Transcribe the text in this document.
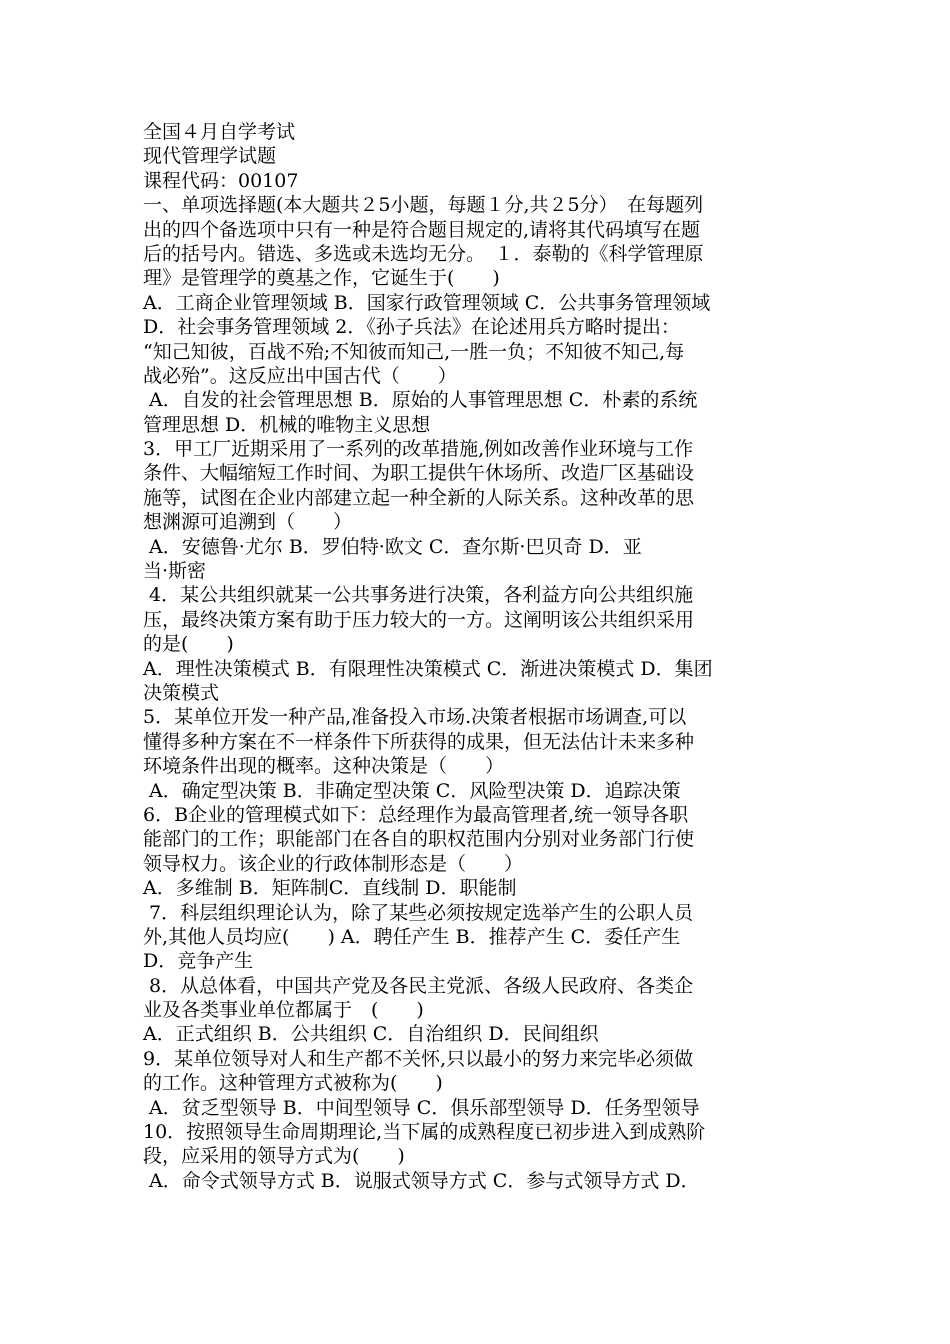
全国４月自学考试
现代管理学试题
课程代码：00107
一、单项选择题(本大题共２5小题，每题１分,共２5分）　在每题列
出的四个备选项中只有一种是符合题目规定的,请将其代码填写在题
后的括号内。错选、多选或未选均无分。　１．泰勒的《科学管理原
理》是管理学的奠基之作，它诞生于(　　)
A．工商企业管理领域 B．国家行政管理领域 C．公共事务管理领域
D．社会事务管理领域 2．《孙子兵法》在论述用兵方略时提出：
“知己知彼，百战不殆;不知彼而知己,一胜一负；不知彼不知己,每
战必殆”。这反应出中国古代（　　）
A．自发的社会管理思想 B．原始的人事管理思想 C．朴素的系统
管理思想 D．机械的唯物主义思想
3．甲工厂近期采用了一系列的改革措施,例如改善作业环境与工作
条件、大幅缩短工作时间、为职工提供午休场所、改造厂区基础设
施等，试图在企业内部建立起一种全新的人际关系。这种改革的思
想渊源可追溯到（　　）
A．安德鲁·尤尔 B．罗伯特·欧文 C．查尔斯·巴贝奇 D．亚
当·斯密
4．某公共组织就某一公共事务进行决策，各利益方向公共组织施
压，最终决策方案有助于压力较大的一方。这阐明该公共组织采用
的是(　　)
A．理性决策模式 B．有限理性决策模式 C．渐进决策模式 D．集团
决策模式
5．某单位开发一种产品,准备投入市场.决策者根据市场调查,可以
懂得多种方案在不一样条件下所获得的成果，但无法估计未来多种
环境条件出现的概率。这种决策是（　　）
A．确定型决策 B．非确定型决策 C．风险型决策 D．追踪决策
6．B企业的管理模式如下：总经理作为最高管理者,统一领导各职
能部门的工作；职能部门在各自的职权范围内分别对业务部门行使
领导权力。该企业的行政体制形态是（　　）
A．多维制 B．矩阵制C．直线制 D．职能制
7．科层组织理论认为，除了某些必须按规定选举产生的公职人员
外,其他人员均应(　　) A．聘任产生 B．推荐产生 C．委任产生
D．竞争产生
8．从总体看，中国共产党及各民主党派、各级人民政府、各类企
业及各类事业单位都属于　(　　)
A．正式组织 B．公共组织 C．自治组织 D．民间组织
9．某单位领导对人和生产都不关怀,只以最小的努力来完毕必须做
的工作。这种管理方式被称为(　　)
A．贫乏型领导 B．中间型领导 C．俱乐部型领导 D．任务型领导
10．按照领导生命周期理论,当下属的成熟程度已初步进入到成熟阶
段，应采用的领导方式为(　　)
A．命令式领导方式 B．说服式领导方式 C．参与式领导方式 D．
